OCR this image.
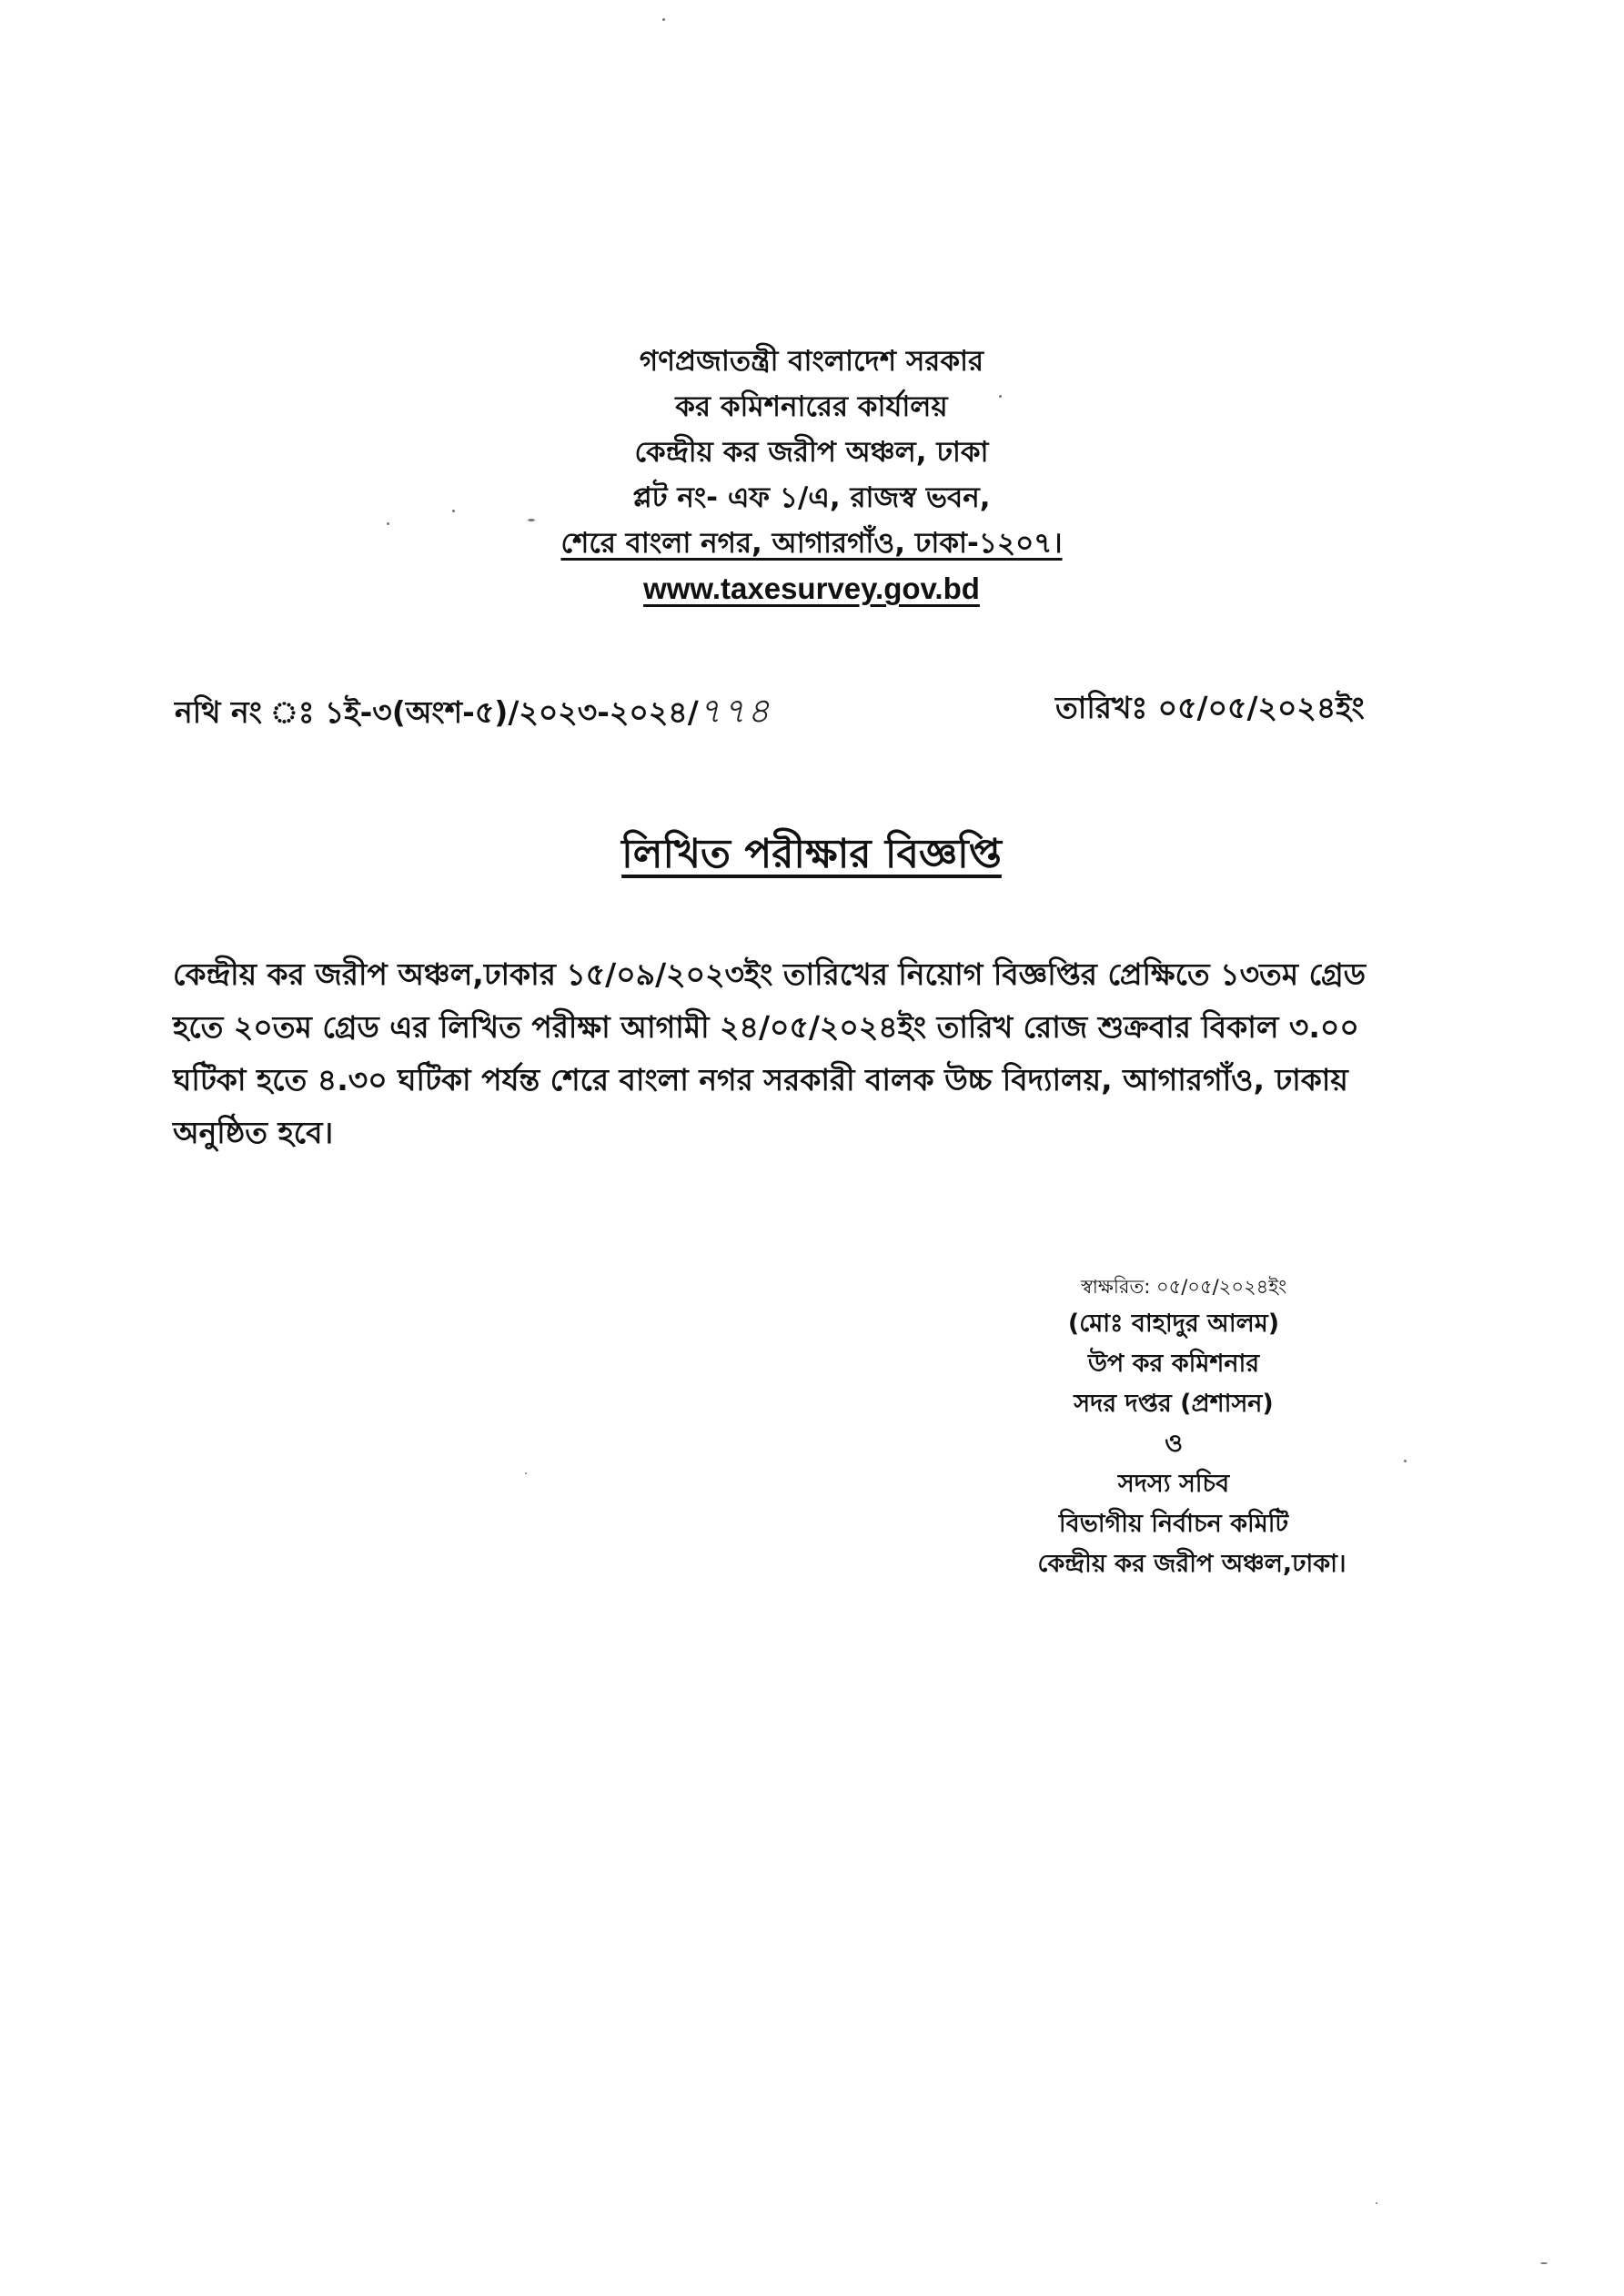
গণপ্রজাতন্ত্রী বাংলাদেশ সরকার
কর কমিশনারের কার্যালয়
কেন্দ্রীয় কর জরীপ অঞ্চল, ঢাকা
প্লট নং- এফ ১/এ, রাজস্ব ভবন,
শেরে বাংলা নগর, আগারগাঁও, ঢাকা-১২০৭।
www.taxesurvey.gov.bd
নথি নং ঃ ১ই-৩(অংশ-৫)/২০২৩-২০২৪/৭৭৪	তারিখঃ ০৫/০৫/২০২৪ইং
লিখিত পরীক্ষার বিজ্ঞপ্তি
কেন্দ্রীয় কর জরীপ অঞ্চল,ঢাকার ১৫/০৯/২০২৩ইং তারিখের নিয়োগ বিজ্ঞপ্তির প্রেক্ষিতে ১৩তম গ্রেড
হতে ২০তম গ্রেড এর লিখিত পরীক্ষা আগামী ২৪/০৫/২০২৪ইং তারিখ রোজ শুক্রবার বিকাল ৩.০০
ঘটিকা হতে ৪.৩০ ঘটিকা পর্যন্ত শেরে বাংলা নগর সরকারী বালক উচ্চ বিদ্যালয়, আগারগাঁও, ঢাকায়
অনুষ্ঠিত হবে।
স্বাক্ষরিত: ০৫/০৫/২০২৪ইং
(মোঃ বাহাদুর আলম)
উপ কর কমিশনার
সদর দপ্তর (প্রশাসন)
ও
সদস্য সচিব
বিভাগীয় নির্বাচন কমিটি
কেন্দ্রীয় কর জরীপ অঞ্চল,ঢাকা।
